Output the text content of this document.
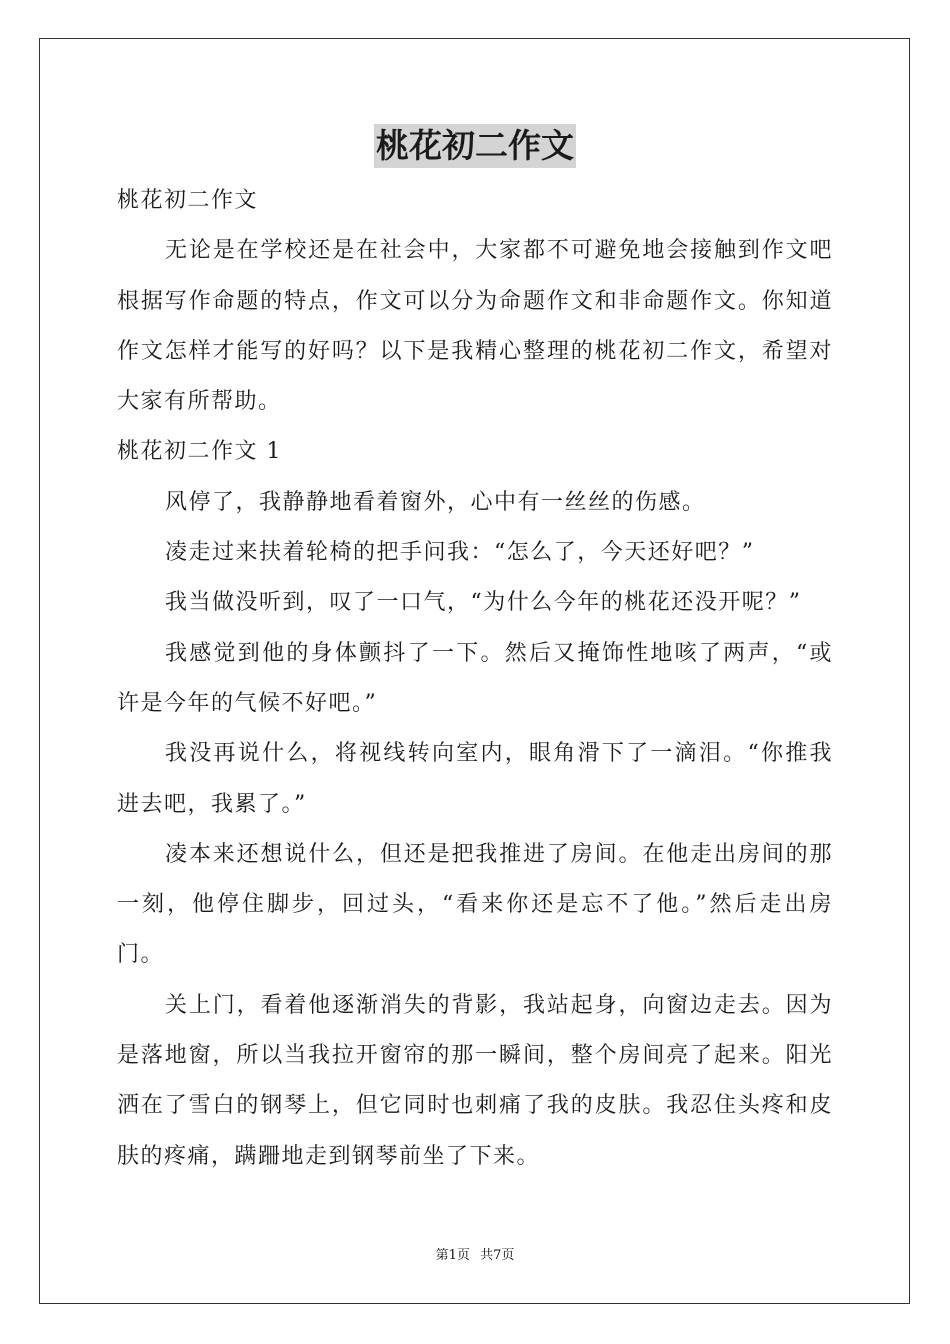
桃花初二作文

桃花初二作文

无论是在学校还是在社会中，大家都不可避免地会接触到作文吧根据写作命题的特点，作文可以分为命题作文和非命题作文。你知道作文怎样才能写的好吗？以下是我精心整理的桃花初二作文，希望对大家有所帮助。

桃花初二作文 1

风停了，我静静地看着窗外，心中有一丝丝的伤感。

凌走过来扶着轮椅的把手问我：“怎么了，今天还好吧？”

我当做没听到，叹了一口气，“为什么今年的桃花还没开呢？”

我感觉到他的身体颤抖了一下。然后又掩饰性地咳了两声，“或许是今年的气候不好吧。”

我没再说什么，将视线转向室内，眼角滑下了一滴泪。“你推我进去吧，我累了。”

凌本来还想说什么，但还是把我推进了房间。在他走出房间的那一刻，他停住脚步，回过头，“看来你还是忘不了他。”然后走出房门。

关上门，看着他逐渐消失的背影，我站起身，向窗边走去。因为是落地窗，所以当我拉开窗帘的那一瞬间，整个房间亮了起来。阳光洒在了雪白的钢琴上，但它同时也刺痛了我的皮肤。我忍住头疼和皮肤的疼痛，蹒跚地走到钢琴前坐了下来。

第1页 共7页
